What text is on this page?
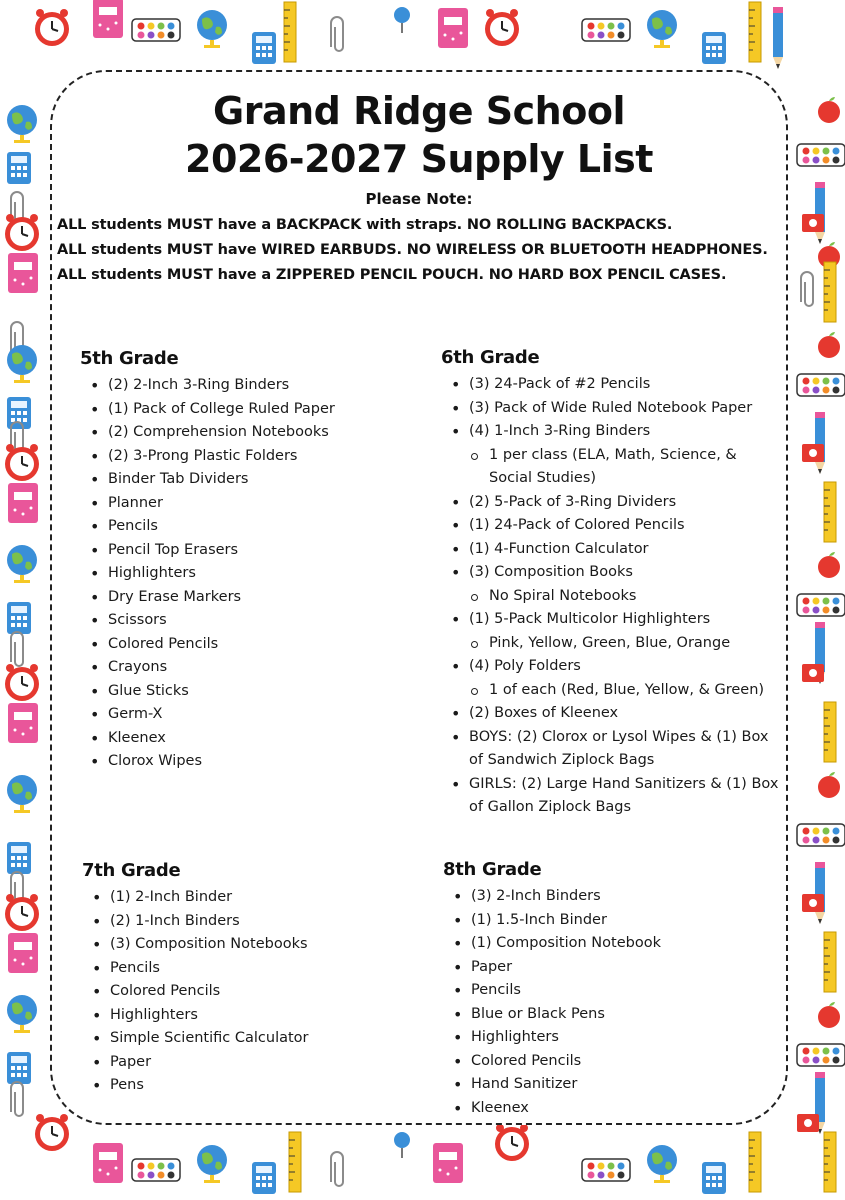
Grand Ridge School
2026-2027 Supply List
Please Note:
ALL students MUST have a BACKPACK with straps. NO ROLLING BACKPACKS.
ALL students MUST have WIRED EARBUDS. NO WIRELESS OR BLUETOOTH HEADPHONES.
ALL students MUST have a ZIPPERED PENCIL POUCH. NO HARD BOX PENCIL CASES.
5th Grade
• (2) 2-Inch 3-Ring Binders
• (1) Pack of College Ruled Paper
• (2) Comprehension Notebooks
• (2) 3-Prong Plastic Folders
• Binder Tab Dividers
• Planner
• Pencils
• Pencil Top Erasers
• Highlighters
• Dry Erase Markers
• Scissors
• Colored Pencils
• Crayons
• Glue Sticks
• Germ-X
• Kleenex
• Clorox Wipes
6th Grade
• (3) 24-Pack of #2 Pencils
• (3) Pack of Wide Ruled Notebook Paper
• (4) 1-Inch 3-Ring Binders
1 per class (ELA, Math, Science, & Social Studies)
• (2) 5-Pack of 3-Ring Dividers
• (1) 24-Pack of Colored Pencils
• (1) 4-Function Calculator
• (3) Composition Books
No Spiral Notebooks
• (1) 5-Pack Multicolor Highlighters
Pink, Yellow, Green, Blue, Orange
• (4) Poly Folders
1 of each (Red, Blue, Yellow, & Green)
• (2) Boxes of Kleenex
• BOYS: (2) Clorox or Lysol Wipes & (1) Box of Sandwich Ziplock Bags
• GIRLS: (2) Large Hand Sanitizers & (1) Box of Gallon Ziplock Bags
7th Grade
• (1) 2-Inch Binder
• (2) 1-Inch Binders
• (3) Composition Notebooks
• Pencils
• Colored Pencils
• Highlighters
• Simple Scientific Calculator
• Paper
• Pens
8th Grade
• (3) 2-Inch Binders
• (1) 1.5-Inch Binder
• (1) Composition Notebook
• Paper
• Pencils
• Blue or Black Pens
• Highlighters
• Colored Pencils
• Hand Sanitizer
• Kleenex
